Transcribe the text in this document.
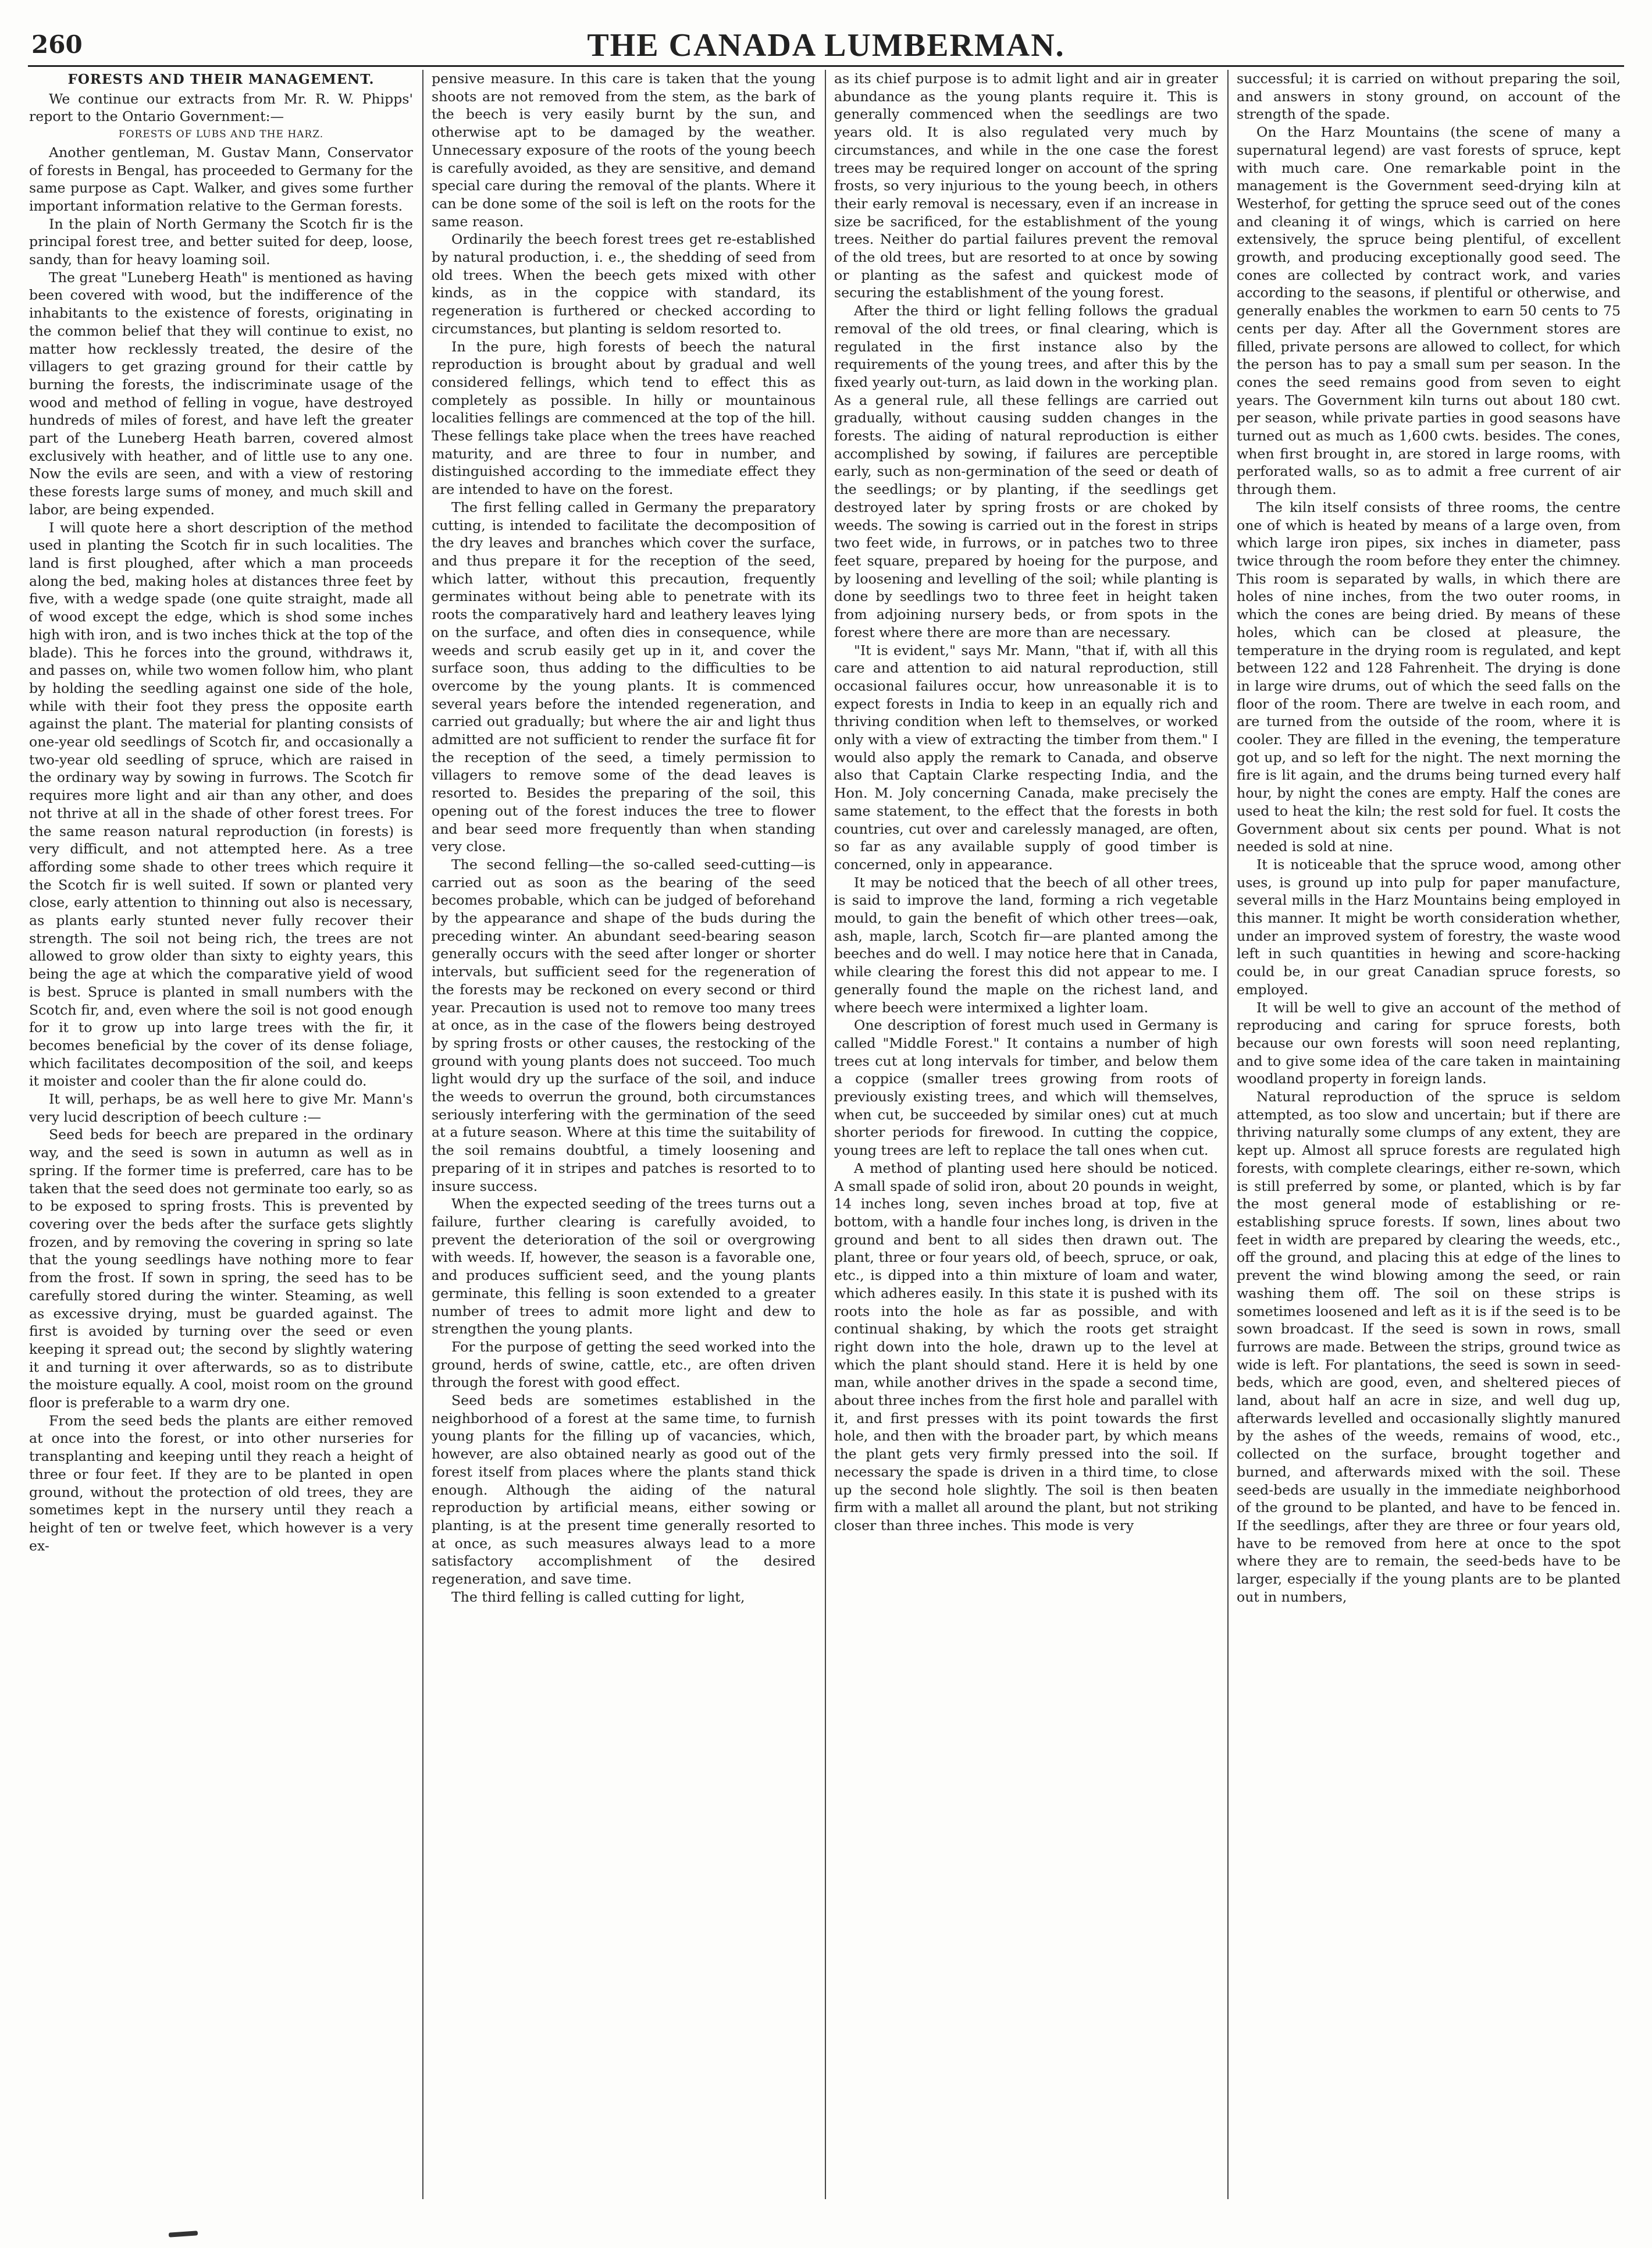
260	THE CANADA LUMBERMAN.
FORESTS AND THEIR MANAGEMENT.

We continue our extracts from Mr. R. W. Phipps' report to the Ontario Government:—

FORESTS OF LUBS AND THE HARZ.

Another gentleman, M. Gustav Mann, Conservator of forests in Bengal, has proceeded to Germany for the same purpose as Capt. Walker, and gives some further important information relative to the German forests.

In the plain of North Germany the Scotch fir is the principal forest tree, and better suited for deep, loose, sandy, than for heavy loaming soil.

The great "Luneberg Heath" is mentioned as having been covered with wood, but the indifference of the inhabitants to the existence of forests, originating in the common belief that they will continue to exist, no matter how recklessly treated, the desire of the villagers to get grazing ground for their cattle by burning the forests, the indiscriminate usage of the wood and method of felling in vogue, have destroyed hundreds of miles of forest, and have left the greater part of the Luneberg Heath barren, covered almost exclusively with heather, and of little use to any one. Now the evils are seen, and with a view of restoring these forests large sums of money, and much skill and labor, are being expended.

I will quote here a short description of the method used in planting the Scotch fir in such localities. The land is first ploughed, after which a man proceeds along the bed, making holes at distances three feet by five, with a wedge spade (one quite straight, made all of wood except the edge, which is shod some inches high with iron, and is two inches thick at the top of the blade). This he forces into the ground, withdraws it, and passes on, while two women follow him, who plant by holding the seedling against one side of the hole, while with their foot they press the opposite earth against the plant. The material for planting consists of one-year old seedlings of Scotch fir, and occasionally a two-year old seedling of spruce, which are raised in the ordinary way by sowing in furrows. The Scotch fir requires more light and air than any other, and does not thrive at all in the shade of other forest trees. For the same reason natural reproduction (in forests) is very difficult, and not attempted here. As a tree affording some shade to other trees which require it the Scotch fir is well suited. If sown or planted very close, early attention to thinning out also is necessary, as plants early stunted never fully recover their strength. The soil not being rich, the trees are not allowed to grow older than sixty to eighty years, this being the age at which the comparative yield of wood is best. Spruce is planted in small numbers with the Scotch fir, and, even where the soil is not good enough for it to grow up into large trees with the fir, it becomes beneficial by the cover of its dense foliage, which facilitates decomposition of the soil, and keeps it moister and cooler than the fir alone could do.

It will, perhaps, be as well here to give Mr. Mann's very lucid description of beech culture :—

Seed beds for beech are prepared in the ordinary way, and the seed is sown in autumn as well as in spring. If the former time is preferred, care has to be taken that the seed does not germinate too early, so as to be exposed to spring frosts. This is prevented by covering over the beds after the surface gets slightly frozen, and by removing the covering in spring so late that the young seedlings have nothing more to fear from the frost. If sown in spring, the seed has to be carefully stored during the winter. Steaming, as well as excessive drying, must be guarded against. The first is avoided by turning over the seed or even keeping it spread out; the second by slightly watering it and turning it over afterwards, so as to distribute the moisture equally. A cool, moist room on the ground floor is preferable to a warm dry one.

From the seed beds the plants are either removed at once into the forest, or into other nurseries for transplanting and keeping until they reach a height of three or four feet. If they are to be planted in open ground, without the protection of old trees, they are sometimes kept in the nursery until they reach a height of ten or twelve feet, which however is a very ex-

pensive measure. In this care is taken that the young shoots are not removed from the stem, as the bark of the beech is very easily burnt by the sun, and otherwise apt to be damaged by the weather. Unnecessary exposure of the roots of the young beech is carefully avoided, as they are sensitive, and demand special care during the removal of the plants. Where it can be done some of the soil is left on the roots for the same reason.

Ordinarily the beech forest trees get re-established by natural production, i. e., the shedding of seed from old trees. When the beech gets mixed with other kinds, as in the coppice with standard, its regeneration is furthered or checked according to circumstances, but planting is seldom resorted to.

In the pure, high forests of beech the natural reproduction is brought about by gradual and well considered fellings, which tend to effect this as completely as possible. In hilly or mountainous localities fellings are commenced at the top of the hill. These fellings take place when the trees have reached maturity, and are three to four in number, and distinguished according to the immediate effect they are intended to have on the forest.

The first felling called in Germany the preparatory cutting, is intended to facilitate the decomposition of the dry leaves and branches which cover the surface, and thus prepare it for the reception of the seed, which latter, without this precaution, frequently germinates without being able to penetrate with its roots the comparatively hard and leathery leaves lying on the surface, and often dies in consequence, while weeds and scrub easily get up in it, and cover the surface soon, thus adding to the difficulties to be overcome by the young plants. It is commenced several years before the intended regeneration, and carried out gradually; but where the air and light thus admitted are not sufficient to render the surface fit for the reception of the seed, a timely permission to villagers to remove some of the dead leaves is resorted to. Besides the preparing of the soil, this opening out of the forest induces the tree to flower and bear seed more frequently than when standing very close.

The second felling—the so-called seed-cutting—is carried out as soon as the bearing of the seed becomes probable, which can be judged of beforehand by the appearance and shape of the buds during the preceding winter. An abundant seed-bearing season generally occurs with the seed after longer or shorter intervals, but sufficient seed for the regeneration of the forests may be reckoned on every second or third year. Precaution is used not to remove too many trees at once, as in the case of the flowers being destroyed by spring frosts or other causes, the restocking of the ground with young plants does not succeed. Too much light would dry up the surface of the soil, and induce the weeds to overrun the ground, both circumstances seriously interfering with the germination of the seed at a future season. Where at this time the suitability of the soil remains doubtful, a timely loosening and preparing of it in stripes and patches is resorted to to insure success.

When the expected seeding of the trees turns out a failure, further clearing is carefully avoided, to prevent the deterioration of the soil or overgrowing with weeds. If, however, the season is a favorable one, and produces sufficient seed, and the young plants germinate, this felling is soon extended to a greater number of trees to admit more light and dew to strengthen the young plants.

For the purpose of getting the seed worked into the ground, herds of swine, cattle, etc., are often driven through the forest with good effect.

Seed beds are sometimes established in the neighborhood of a forest at the same time, to furnish young plants for the filling up of vacancies, which, however, are also obtained nearly as good out of the forest itself from places where the plants stand thick enough. Although the aiding of the natural reproduction by artificial means, either sowing or planting, is at the present time generally resorted to at once, as such measures always lead to a more satisfactory accomplishment of the desired regeneration, and save time.

The third felling is called cutting for light,

as its chief purpose is to admit light and air in greater abundance as the young plants require it. This is generally commenced when the seedlings are two years old. It is also regulated very much by circumstances, and while in the one case the forest trees may be required longer on account of the spring frosts, so very injurious to the young beech, in others their early removal is necessary, even if an increase in size be sacrificed, for the establishment of the young trees. Neither do partial failures prevent the removal of the old trees, but are resorted to at once by sowing or planting as the safest and quickest mode of securing the establishment of the young forest.

After the third or light felling follows the gradual removal of the old trees, or final clearing, which is regulated in the first instance also by the requirements of the young trees, and after this by the fixed yearly out-turn, as laid down in the working plan. As a general rule, all these fellings are carried out gradually, without causing sudden changes in the forests. The aiding of natural reproduction is either accomplished by sowing, if failures are perceptible early, such as non-germination of the seed or death of the seedlings; or by planting, if the seedlings get destroyed later by spring frosts or are choked by weeds. The sowing is carried out in the forest in strips two feet wide, in furrows, or in patches two to three feet square, prepared by hoeing for the purpose, and by loosening and levelling of the soil; while planting is done by seedlings two to three feet in height taken from adjoining nursery beds, or from spots in the forest where there are more than are necessary.

"It is evident," says Mr. Mann, "that if, with all this care and attention to aid natural reproduction, still occasional failures occur, how unreasonable it is to expect forests in India to keep in an equally rich and thriving condition when left to themselves, or worked only with a view of extracting the timber from them." I would also apply the remark to Canada, and observe also that Captain Clarke respecting India, and the Hon. M. Joly concerning Canada, make precisely the same statement, to the effect that the forests in both countries, cut over and carelessly managed, are often, so far as any available supply of good timber is concerned, only in appearance.

It may be noticed that the beech of all other trees, is said to improve the land, forming a rich vegetable mould, to gain the benefit of which other trees—oak, ash, maple, larch, Scotch fir—are planted among the beeches and do well. I may notice here that in Canada, while clearing the forest this did not appear to me. I generally found the maple on the richest land, and where beech were intermixed a lighter loam.

One description of forest much used in Germany is called "Middle Forest." It contains a number of high trees cut at long intervals for timber, and below them a coppice (smaller trees growing from roots of previously existing trees, and which will themselves, when cut, be succeeded by similar ones) cut at much shorter periods for firewood. In cutting the coppice, young trees are left to replace the tall ones when cut.

A method of planting used here should be noticed. A small spade of solid iron, about 20 pounds in weight, 14 inches long, seven inches broad at top, five at bottom, with a handle four inches long, is driven in the ground and bent to all sides then drawn out. The plant, three or four years old, of beech, spruce, or oak, etc., is dipped into a thin mixture of loam and water, which adheres easily. In this state it is pushed with its roots into the hole as far as possible, and with continual shaking, by which the roots get straight right down into the hole, drawn up to the level at which the plant should stand. Here it is held by one man, while another drives in the spade a second time, about three inches from the first hole and parallel with it, and first presses with its point towards the first hole, and then with the broader part, by which means the plant gets very firmly pressed into the soil. If necessary the spade is driven in a third time, to close up the second hole slightly. The soil is then beaten firm with a mallet all around the plant, but not striking closer than three inches. This mode is very

successful; it is carried on without preparing the soil, and answers in stony ground, on account of the strength of the spade.

On the Harz Mountains (the scene of many a supernatural legend) are vast forests of spruce, kept with much care. One remarkable point in the management is the Government seed-drying kiln at Westerhof, for getting the spruce seed out of the cones and cleaning it of wings, which is carried on here extensively, the spruce being plentiful, of excellent growth, and producing exceptionally good seed. The cones are collected by contract work, and varies according to the seasons, if plentiful or otherwise, and generally enables the workmen to earn 50 cents to 75 cents per day. After all the Government stores are filled, private persons are allowed to collect, for which the person has to pay a small sum per season. In the cones the seed remains good from seven to eight years. The Government kiln turns out about 180 cwt. per season, while private parties in good seasons have turned out as much as 1,600 cwts. besides. The cones, when first brought in, are stored in large rooms, with perforated walls, so as to admit a free current of air through them.

The kiln itself consists of three rooms, the centre one of which is heated by means of a large oven, from which large iron pipes, six inches in diameter, pass twice through the room before they enter the chimney. This room is separated by walls, in which there are holes of nine inches, from the two outer rooms, in which the cones are being dried. By means of these holes, which can be closed at pleasure, the temperature in the drying room is regulated, and kept between 122 and 128 Fahrenheit. The drying is done in large wire drums, out of which the seed falls on the floor of the room. There are twelve in each room, and are turned from the outside of the room, where it is cooler. They are filled in the evening, the temperature got up, and so left for the night. The next morning the fire is lit again, and the drums being turned every half hour, by night the cones are empty. Half the cones are used to heat the kiln; the rest sold for fuel. It costs the Government about six cents per pound. What is not needed is sold at nine.

It is noticeable that the spruce wood, among other uses, is ground up into pulp for paper manufacture, several mills in the Harz Mountains being employed in this manner. It might be worth consideration whether, under an improved system of forestry, the waste wood left in such quantities in hewing and score-hacking could be, in our great Canadian spruce forests, so employed.

It will be well to give an account of the method of reproducing and caring for spruce forests, both because our own forests will soon need replanting, and to give some idea of the care taken in maintaining woodland property in foreign lands.

Natural reproduction of the spruce is seldom attempted, as too slow and uncertain; but if there are thriving naturally some clumps of any extent, they are kept up. Almost all spruce forests are regulated high forests, with complete clearings, either re-sown, which is still preferred by some, or planted, which is by far the most general mode of establishing or re-establishing spruce forests. If sown, lines about two feet in width are prepared by clearing the weeds, etc., off the ground, and placing this at edge of the lines to prevent the wind blowing among the seed, or rain washing them off. The soil on these strips is sometimes loosened and left as it is if the seed is to be sown broadcast. If the seed is sown in rows, small furrows are made. Between the strips, ground twice as wide is left. For plantations, the seed is sown in seed-beds, which are good, even, and sheltered pieces of land, about half an acre in size, and well dug up, afterwards levelled and occasionally slightly manured by the ashes of the weeds, remains of wood, etc., collected on the surface, brought together and burned, and afterwards mixed with the soil. These seed-beds are usually in the immediate neighborhood of the ground to be planted, and have to be fenced in. If the seedlings, after they are three or four years old, have to be removed from here at once to the spot where they are to remain, the seed-beds have to be larger, especially if the young plants are to be planted out in numbers,
